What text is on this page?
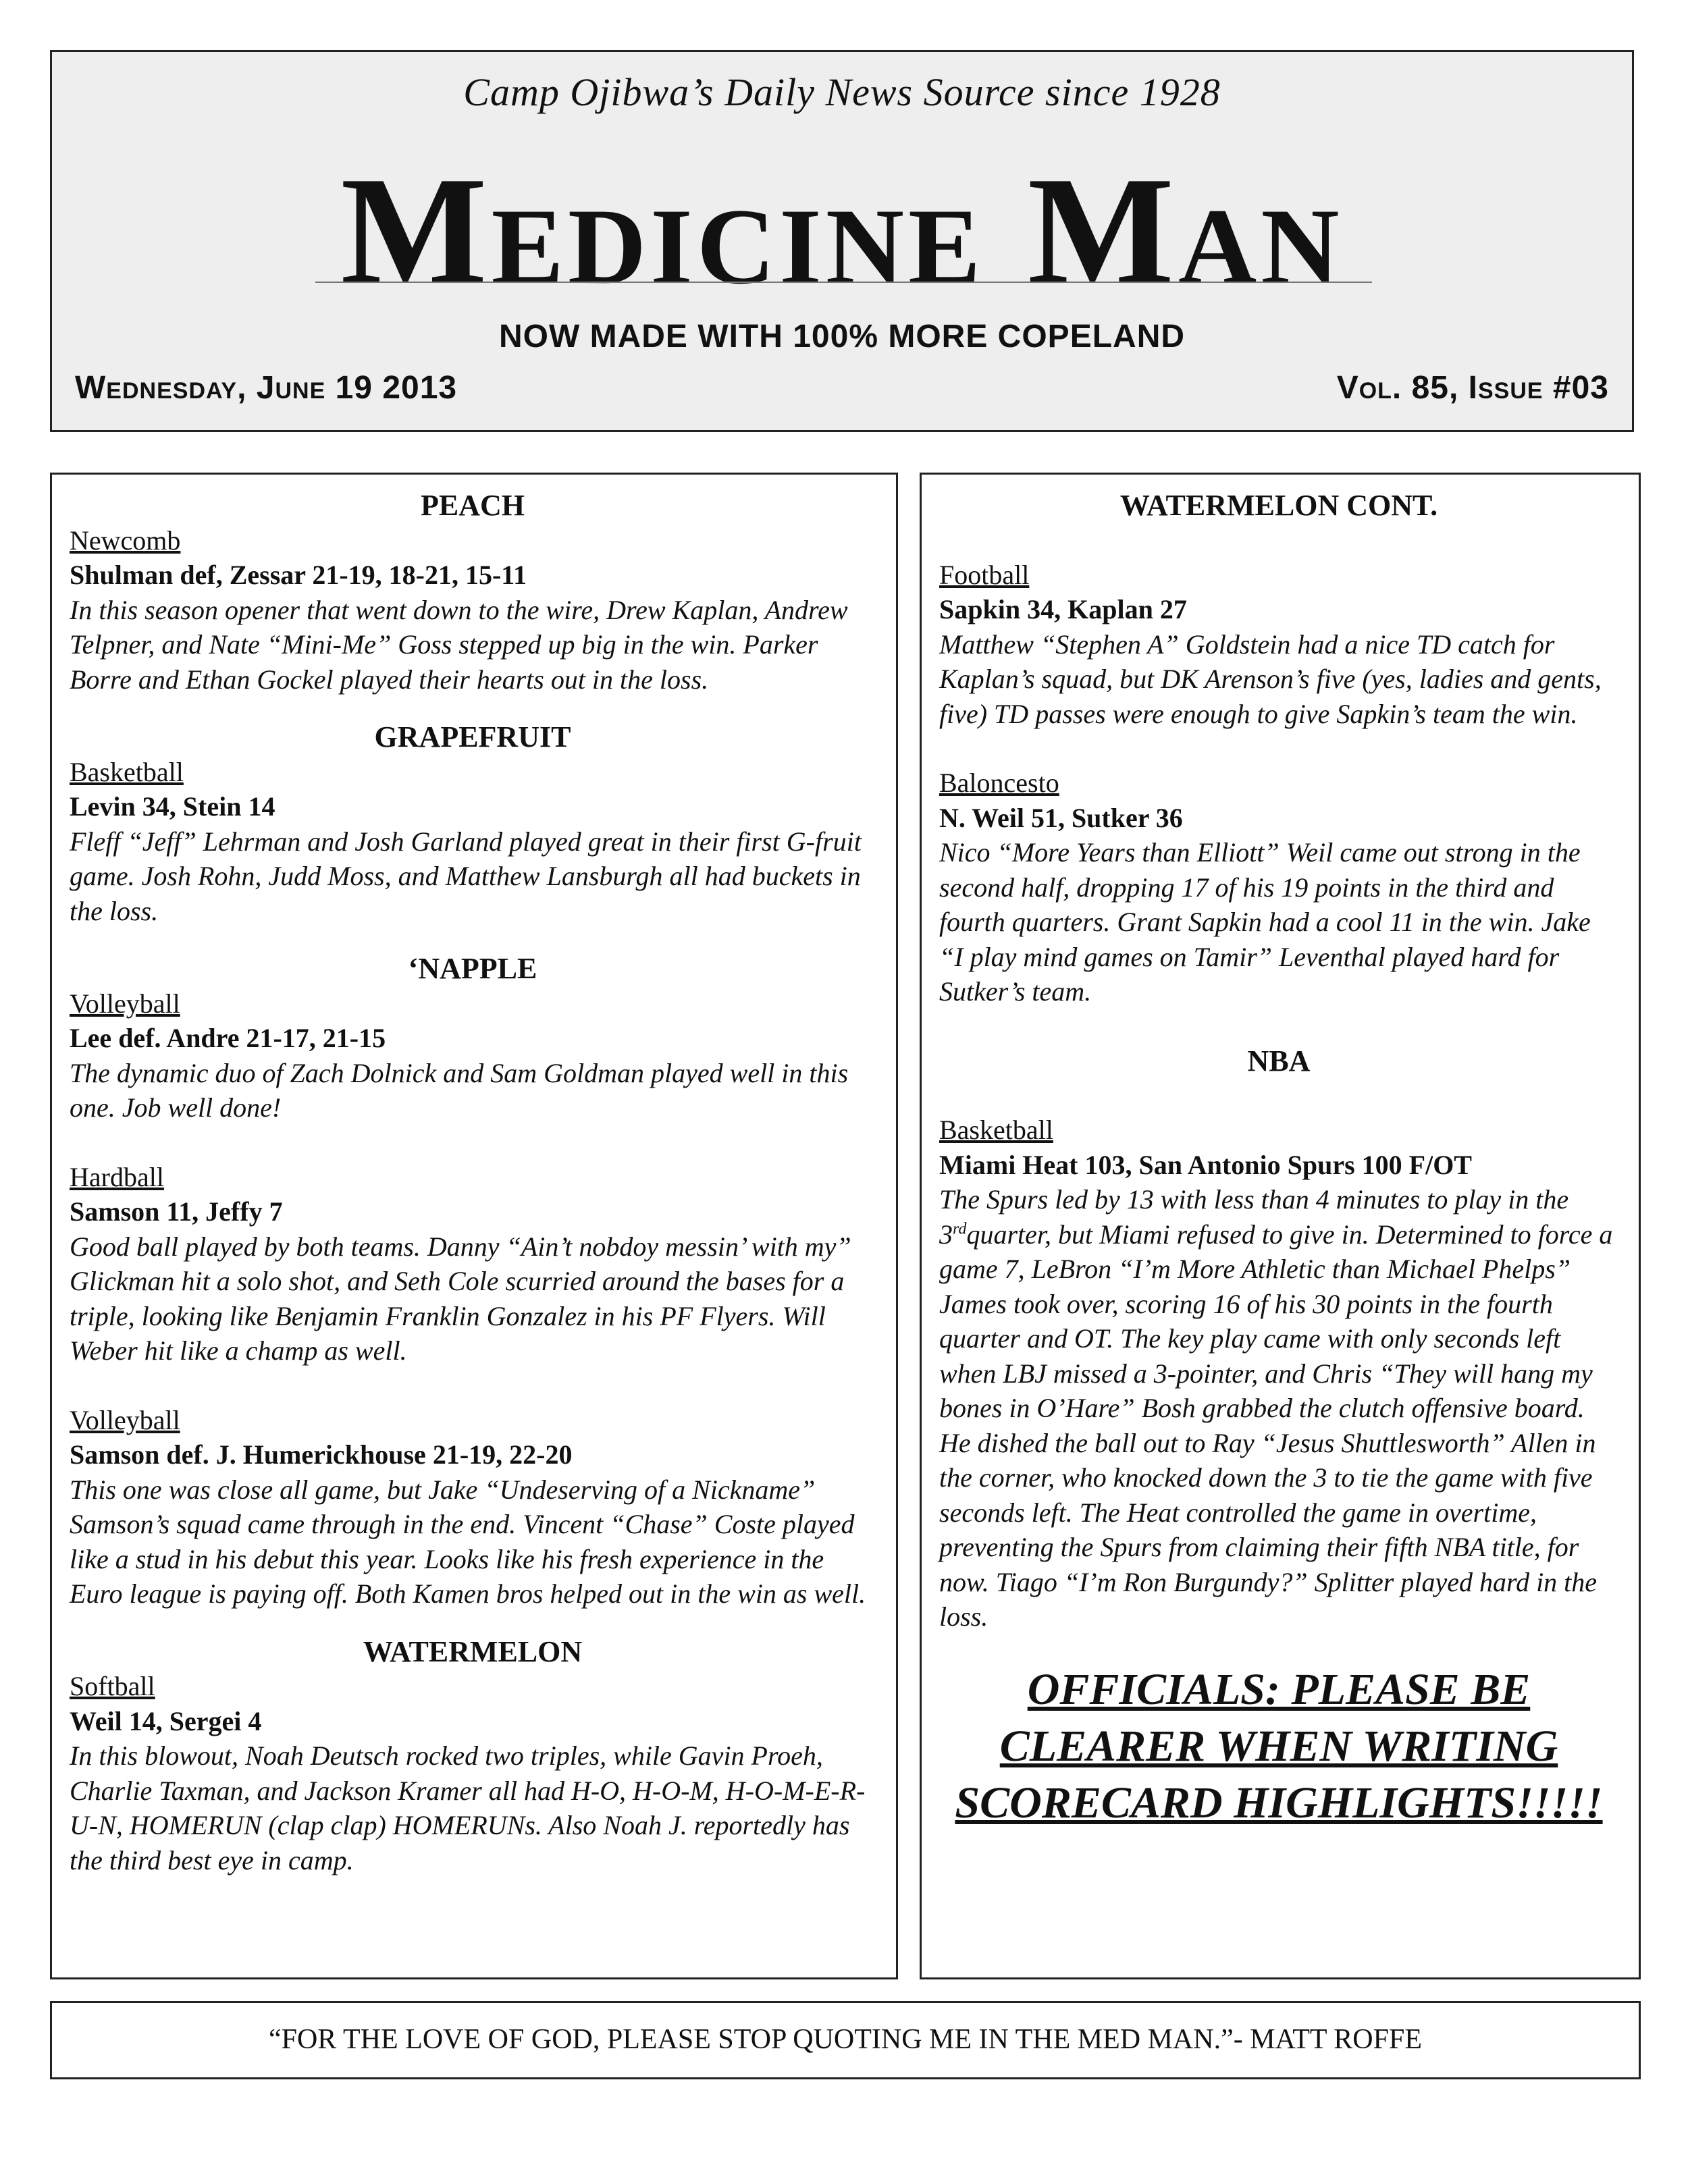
Camp Ojibwa’s Daily News Source since 1928
Medicine Man
NOW MADE WITH 100% MORE COPELAND
Wednesday, June 19 2013	Vol. 85, Issue #03
PEACH
Newcomb
Shulman def, Zessar 21-19, 18-21, 15-11
In this season opener that went down to the wire, Drew Kaplan, Andrew Telpner, and Nate “Mini-Me” Goss stepped up big in the win. Parker Borre and Ethan Gockel played their hearts out in the loss.
GRAPEFRUIT
Basketball
Levin 34, Stein 14
Fleff “Jeff” Lehrman and Josh Garland played great in their first G-fruit game. Josh Rohn, Judd Moss, and Matthew Lansburgh all had buckets in the loss.
‘NAPPLE
Volleyball
Lee def. Andre 21-17, 21-15
The dynamic duo of Zach Dolnick and Sam Goldman played well in this one. Job well done!
Hardball
Samson 11, Jeffy 7
Good ball played by both teams. Danny “Ain’t nobdoy messin’ with my” Glickman hit a solo shot, and Seth Cole scurried around the bases for a triple, looking like Benjamin Franklin Gonzalez in his PF Flyers. Will Weber hit like a champ as well.
Volleyball
Samson def. J. Humerickhouse 21-19, 22-20
This one was close all game, but Jake “Undeserving of a Nickname” Samson’s squad came through in the end. Vincent “Chase” Coste played like a stud in his debut this year. Looks like his fresh experience in the Euro league is paying off. Both Kamen bros helped out in the win as well.
WATERMELON
Softball
Weil 14, Sergei 4
In this blowout, Noah Deutsch rocked two triples, while Gavin Proeh, Charlie Taxman, and Jackson Kramer all had H-O, H-O-M, H-O-M-E-R-U-N, HOMERUN (clap clap) HOMERUNs. Also Noah J. reportedly has the third best eye in camp.
WATERMELON CONT.
Football
Sapkin 34, Kaplan 27
Matthew “Stephen A” Goldstein had a nice TD catch for Kaplan’s squad, but DK Arenson’s five (yes, ladies and gents, five) TD passes were enough to give Sapkin’s team the win.
Baloncesto
N. Weil 51, Sutker 36
Nico “More Years than Elliott” Weil came out strong in the second half, dropping 17 of his 19 points in the third and fourth quarters. Grant Sapkin had a cool 11 in the win. Jake “I play mind games on Tamir” Leventhal played hard for Sutker’s team.
NBA
Basketball
Miami Heat 103, San Antonio Spurs 100 F/OT
The Spurs led by 13 with less than 4 minutes to play in the 3rdquarter, but Miami refused to give in. Determined to force a game 7, LeBron “I’m More Athletic than Michael Phelps” James took over, scoring 16 of his 30 points in the fourth quarter and OT. The key play came with only seconds left when LBJ missed a 3-pointer, and Chris “They will hang my bones in O’Hare” Bosh grabbed the clutch offensive board. He dished the ball out to Ray “Jesus Shuttlesworth” Allen in the corner, who knocked down the 3 to tie the game with five seconds left. The Heat controlled the game in overtime, preventing the Spurs from claiming their fifth NBA title, for now. Tiago “I’m Ron Burgundy?” Splitter played hard in the loss.
OFFICIALS: PLEASE BE CLEARER WHEN WRITING SCORECARD HIGHLIGHTS!!!!!
“FOR THE LOVE OF GOD, PLEASE STOP QUOTING ME IN THE MED MAN.”- MATT ROFFE
